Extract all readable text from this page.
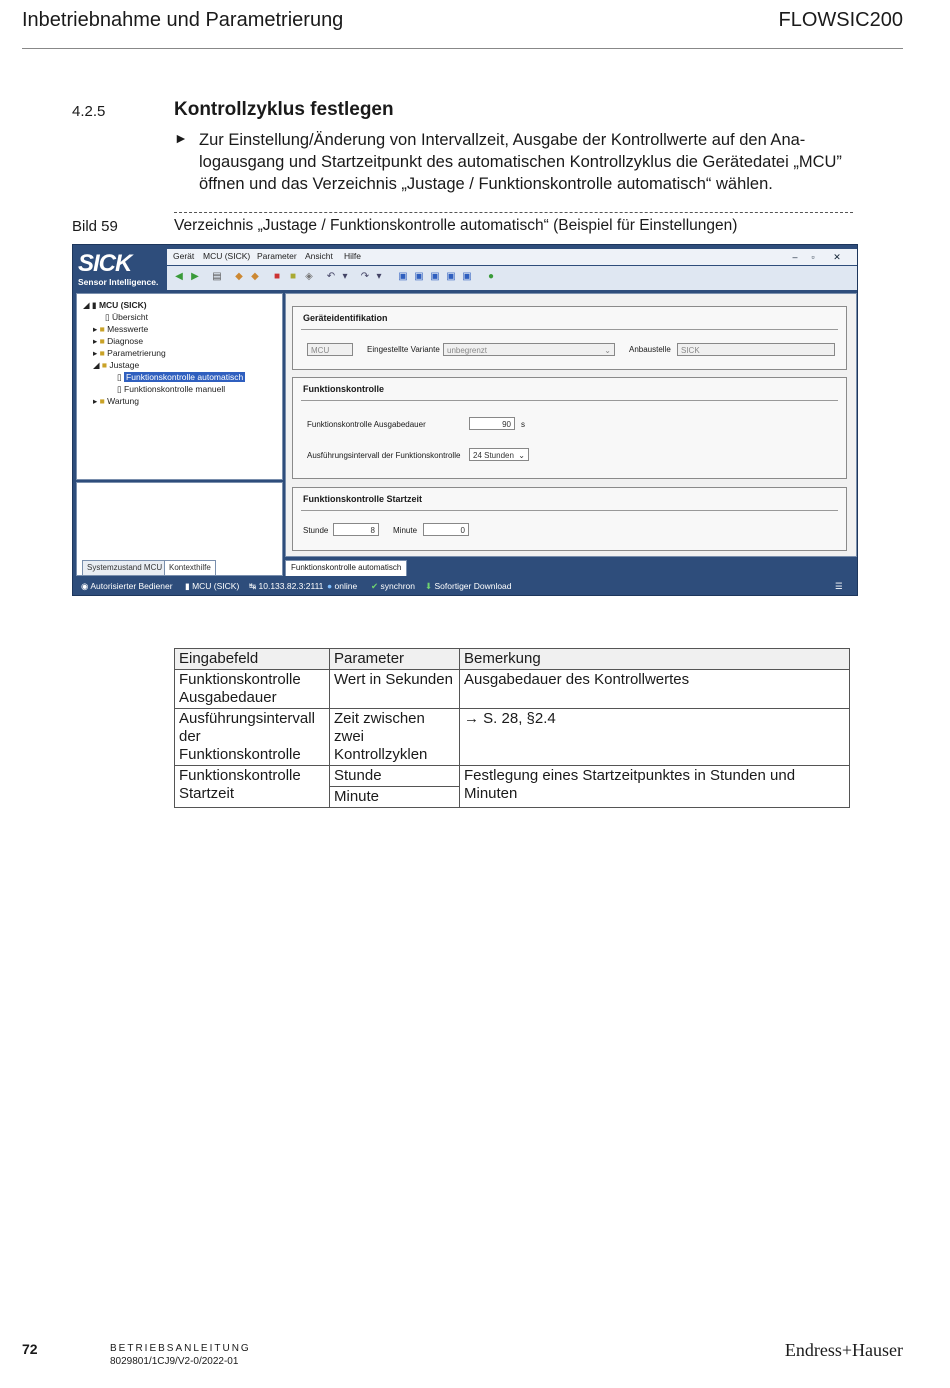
Inbetriebnahme und Parametrierung	FLOWSIC200
4.2.5	Kontrollzyklus festlegen
► Zur Einstellung/Änderung von Intervallzeit, Ausgabe der Kontrollwerte auf den Ana-logausgang und Startzeitpunkt des automatischen Kontrollzyklus die Gerätedatei „MCU” öffnen und das Verzeichnis „Justage / Funktionskontrolle automatisch“ wählen.
Bild 59	Verzeichnis „Justage / Funktionskontrolle automatisch“ (Beispiel für Einstellungen)
SICK
Sensor Intelligence.
Gerät MCU (SICK) Parameter Ansicht Hilfe	–	▫	✕
◀ ▶ ▤ ◆ ◆ ■ ■ ◈ ↶ ▾	↷ ▾	▣ ▣ ▣ ▣ ▣ ●
◢ ▮ MCU (SICK)
▯ Übersicht
▸ ■ Messwerte
▸ ■ Diagnose
▸ ■ Parametrierung
◢ ■ Justage
▯ Funktionskontrolle automatisch
▯ Funktionskontrolle manuell
▸ ■ Wartung
Systemzustand MCU Kontexthilfe
Geräteidentifikation
MCU	Eingestellte Variante unbegrenzt	⌄ Anbaustelle	SICK
Funktionskontrolle
Funktionskontrolle Ausgabedauer	90	s
Ausführungsintervall der Funktionskontrolle	24 Stunden ⌄
Funktionskontrolle Startzeit
Stunde	8	Minute	0
Funktionskontrolle automatisch
◉ Autorisierter Bediener ▮ MCU (SICK) ↹ 10.133.82.3:2111 ● online ✔ synchron ⬇ Sofortiger Download	☰
Eingabefeld	Parameter	Bemerkung
Funktionskontrolle Ausgabedauer	Wert in Sekunden	Ausgabedauer des Kontrollwertes
Ausführungsintervall der Funktionskontrolle	Zeit zwischen zwei Kontrollzyklen	→ S. 28, §2.4
Funktionskontrolle Startzeit	Stunde	Festlegung eines Startzeitpunktes in Stunden und Minuten
	Minute	
72	BETRIEBSANLEITUNG
8029801/1CJ9/V2-0/2022-01
Endress+Hauser
